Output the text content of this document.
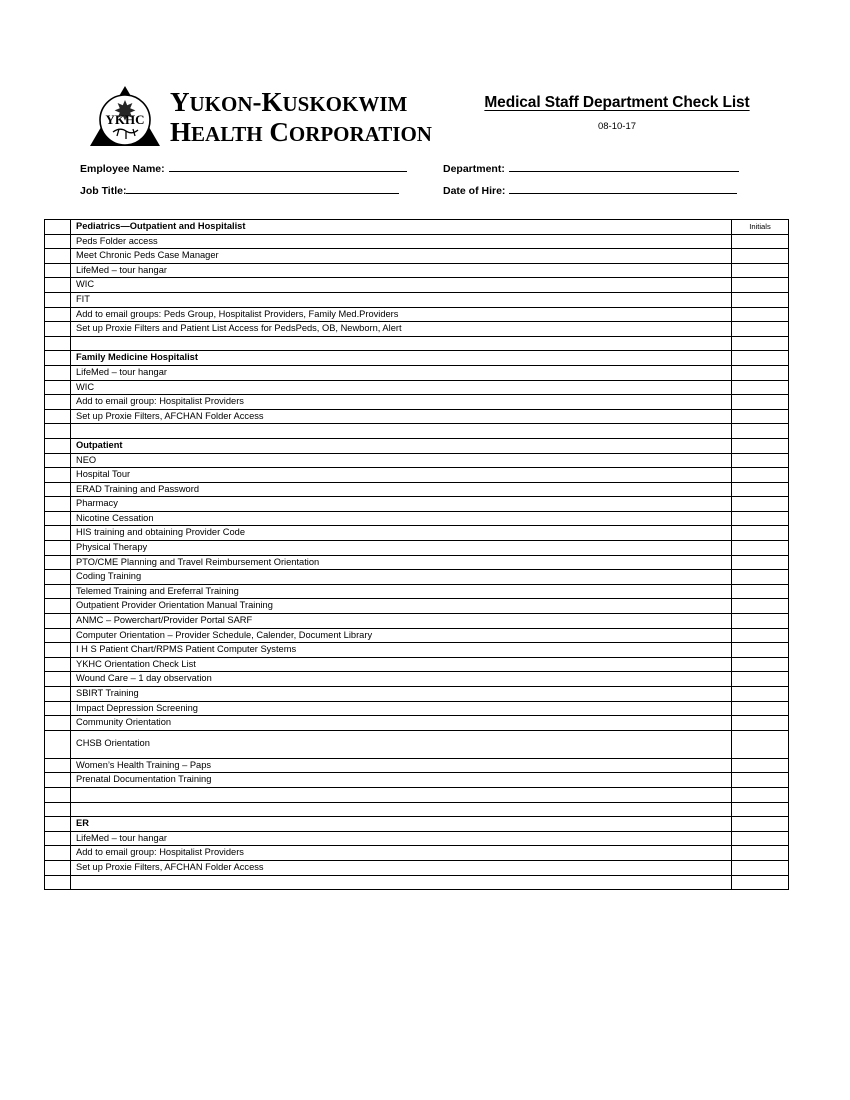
YKHC
YUKON-KUSKOKWIM
HEALTH CORPORATION
Medical Staff Department Check List
08-10-17
Employee Name:
Job Title:
Department:
Date of Hire:
	Pediatrics—Outpatient and Hospitalist	Initials
	Peds Folder access	
	Meet Chronic Peds Case Manager	
	LifeMed – tour hangar	
	WIC	
	FIT	
	Add to email groups: Peds Group, Hospitalist Providers, Family Med.Providers	
	Set up Proxie Filters and Patient List Access for PedsPeds, OB, Newborn, Alert	

	Family Medicine Hospitalist	
	LifeMed – tour hangar	
	WIC	
	Add to email group: Hospitalist Providers	
	Set up Proxie Filters, AFCHAN Folder Access	

	Outpatient	
	NEO	
	Hospital Tour	
	ERAD Training and Password	
	Pharmacy	
	Nicotine Cessation	
	HIS training and obtaining Provider Code	
	Physical Therapy	
	PTO/CME Planning and Travel Reimbursement Orientation	
	Coding Training	
	Telemed Training and Ereferral Training	
	Outpatient Provider Orientation Manual Training	
	ANMC – Powerchart/Provider Portal SARF	
	Computer Orientation – Provider Schedule, Calender, Document Library	
	I H S Patient Chart/RPMS Patient Computer Systems	
	YKHC Orientation Check List	
	Wound Care – 1 day observation	
	SBIRT Training	
	Impact Depression Screening	
	Community Orientation	
	CHSB Orientation	
	Women’s Health Training – Paps	
	Prenatal Documentation Training	

	ER	
	LifeMed – tour hangar	
	Add to email group: Hospitalist Providers	
	Set up Proxie Filters, AFCHAN Folder Access	
